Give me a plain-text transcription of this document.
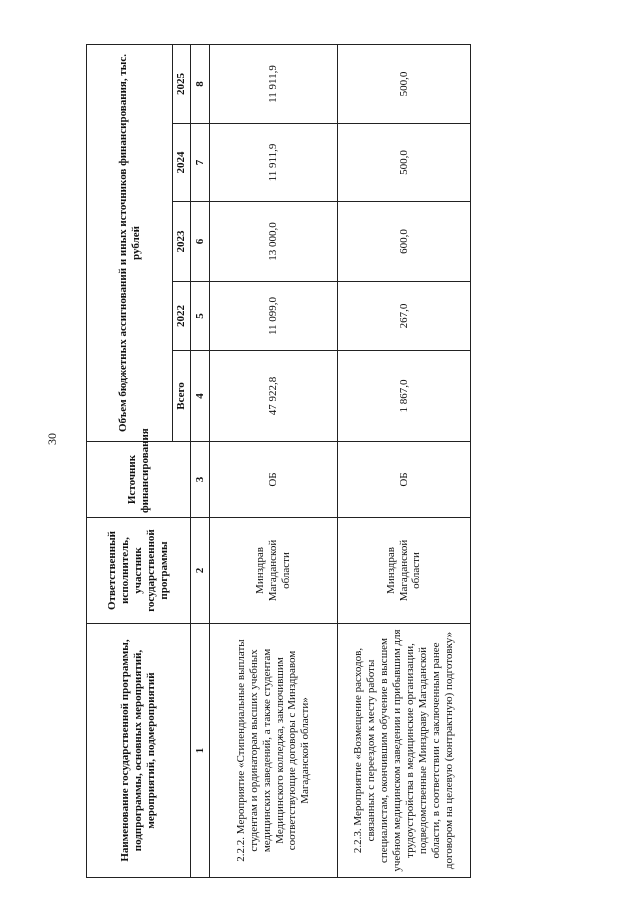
30
Наименование государственной программы, подпрограммы, основных мероприятий, мероприятий, подмероприятий	Ответственный исполнитель, участник государственной программы	Источник финансирования	Объем бюджетных ассигнований и иных источников финансирования, тыс. рублей				
			Всего	2022	2023	2024	2025
1	2	3	4	5	6	7	8
2.2.2. Мероприятие «Стипендиальные выплаты студентам и ординаторам высших учебных медицинских заведений, а также студентам Медицинского колледжа, заключившим соответствующие договоры с Минздравом Магаданской области»	Минздрав Магаданской области	ОБ	47 922,8	11 099,0	13 000,0	11 911,9	11 911,9
2.2.3. Мероприятие «Возмещение расходов, связанных с переездом к месту работы специалистам, окончившим обучение в высшем учебном медицинском заведении и прибывшим для трудоустройства в медицинские организации, подведомственные Минздраву Магаданской области, в соответствии с заключенным ранее договором на целевую (контрактную) подготовку»	Минздрав Магаданской области	ОБ	1 867,0	267,0	600,0	500,0	500,0
